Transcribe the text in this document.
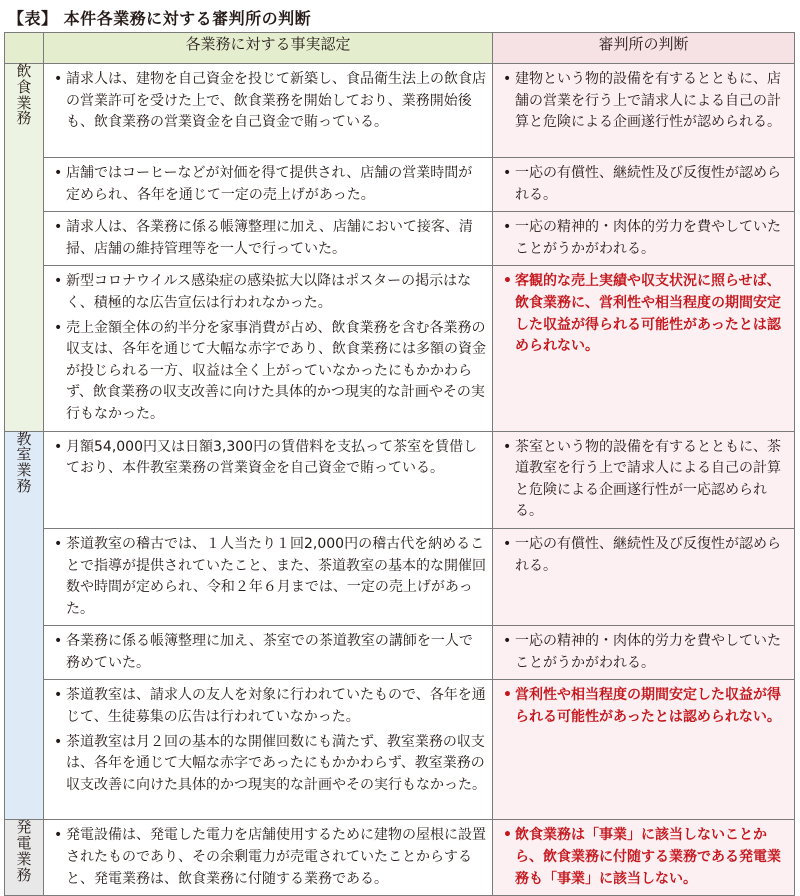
【表】 本件各業務に対する審判所の判断
	各業務に対する事実認定	審判所の判断
飲食業務	• 請求人は、建物を自己資金を投じて新築し、食品衛生法上の飲食店の営業許可を受けた上で、飲食業務を開始しており、業務開始後も、飲食業務の営業資金を自己資金で賄っている。	• 建物という物的設備を有するとともに、店舗の営業を行う上で請求人による自己の計算と危険による企画遂行性が認められる。

	• 店舗ではコーヒーなどが対価を得て提供され、店舗の営業時間が定められ、各年を通じて一定の売上げがあった。	• 一応の有償性、継続性及び反復性が認められる。

	• 請求人は、各業務に係る帳簿整理に加え、店舗において接客、清掃、店舗の維持管理等を一人で行っていた。	• 一応の精神的・肉体的労力を費やしていたことがうかがわれる。

	• 新型コロナウイルス感染症の感染拡大以降はポスターの掲示はなく、積極的な広告宣伝は行われなかった。
• 売上金額全体の約半分を家事消費が占め、飲食業務を含む各業務の収支は、各年を通じて大幅な赤字であり、飲食業務には多額の資金が投じられる一方、収益は全く上がっていなかったにもかかわらず、飲食業務の収支改善に向けた具体的かつ現実的な計画やその実行もなかった。	• 客観的な売上実績や収支状況に照らせば、飲食業務に、営利性や相当程度の期間安定した収益が得られる可能性があったとは認められない。

教室業務	• 月額54,000円又は日額3,300円の賃借料を支払って茶室を賃借しており、本件教室業務の営業資金を自己資金で賄っている。	• 茶室という物的設備を有するとともに、茶道教室を行う上で請求人による自己の計算と危険による企画遂行性が一応認められる。

	• 茶道教室の稽古では、１人当たり１回2,000円の稽古代を納めることで指導が提供されていたこと、また、茶道教室の基本的な開催回数や時間が定められ、令和２年６月までは、一定の売上げがあった。	• 一応の有償性、継続性及び反復性が認められる。

	• 各業務に係る帳簿整理に加え、茶室での茶道教室の講師を一人で務めていた。	• 一応の精神的・肉体的労力を費やしていたことがうかがわれる。

	• 茶道教室は、請求人の友人を対象に行われていたもので、各年を通じて、生徒募集の広告は行われていなかった。
• 茶道教室は月２回の基本的な開催回数にも満たず、教室業務の収支は、各年を通じて大幅な赤字であったにもかかわらず、教室業務の収支改善に向けた具体的かつ現実的な計画やその実行もなかった。	• 営利性や相当程度の期間安定した収益が得られる可能性があったとは認められない。

発電業務	• 発電設備は、発電した電力を店舗使用するために建物の屋根に設置されたものであり、その余剰電力が売電されていたことからすると、発電業務は、飲食業務に付随する業務である。	• 飲食業務は「事業」に該当しないことから、飲食業務に付随する業務である発電業務も「事業」に該当しない。
